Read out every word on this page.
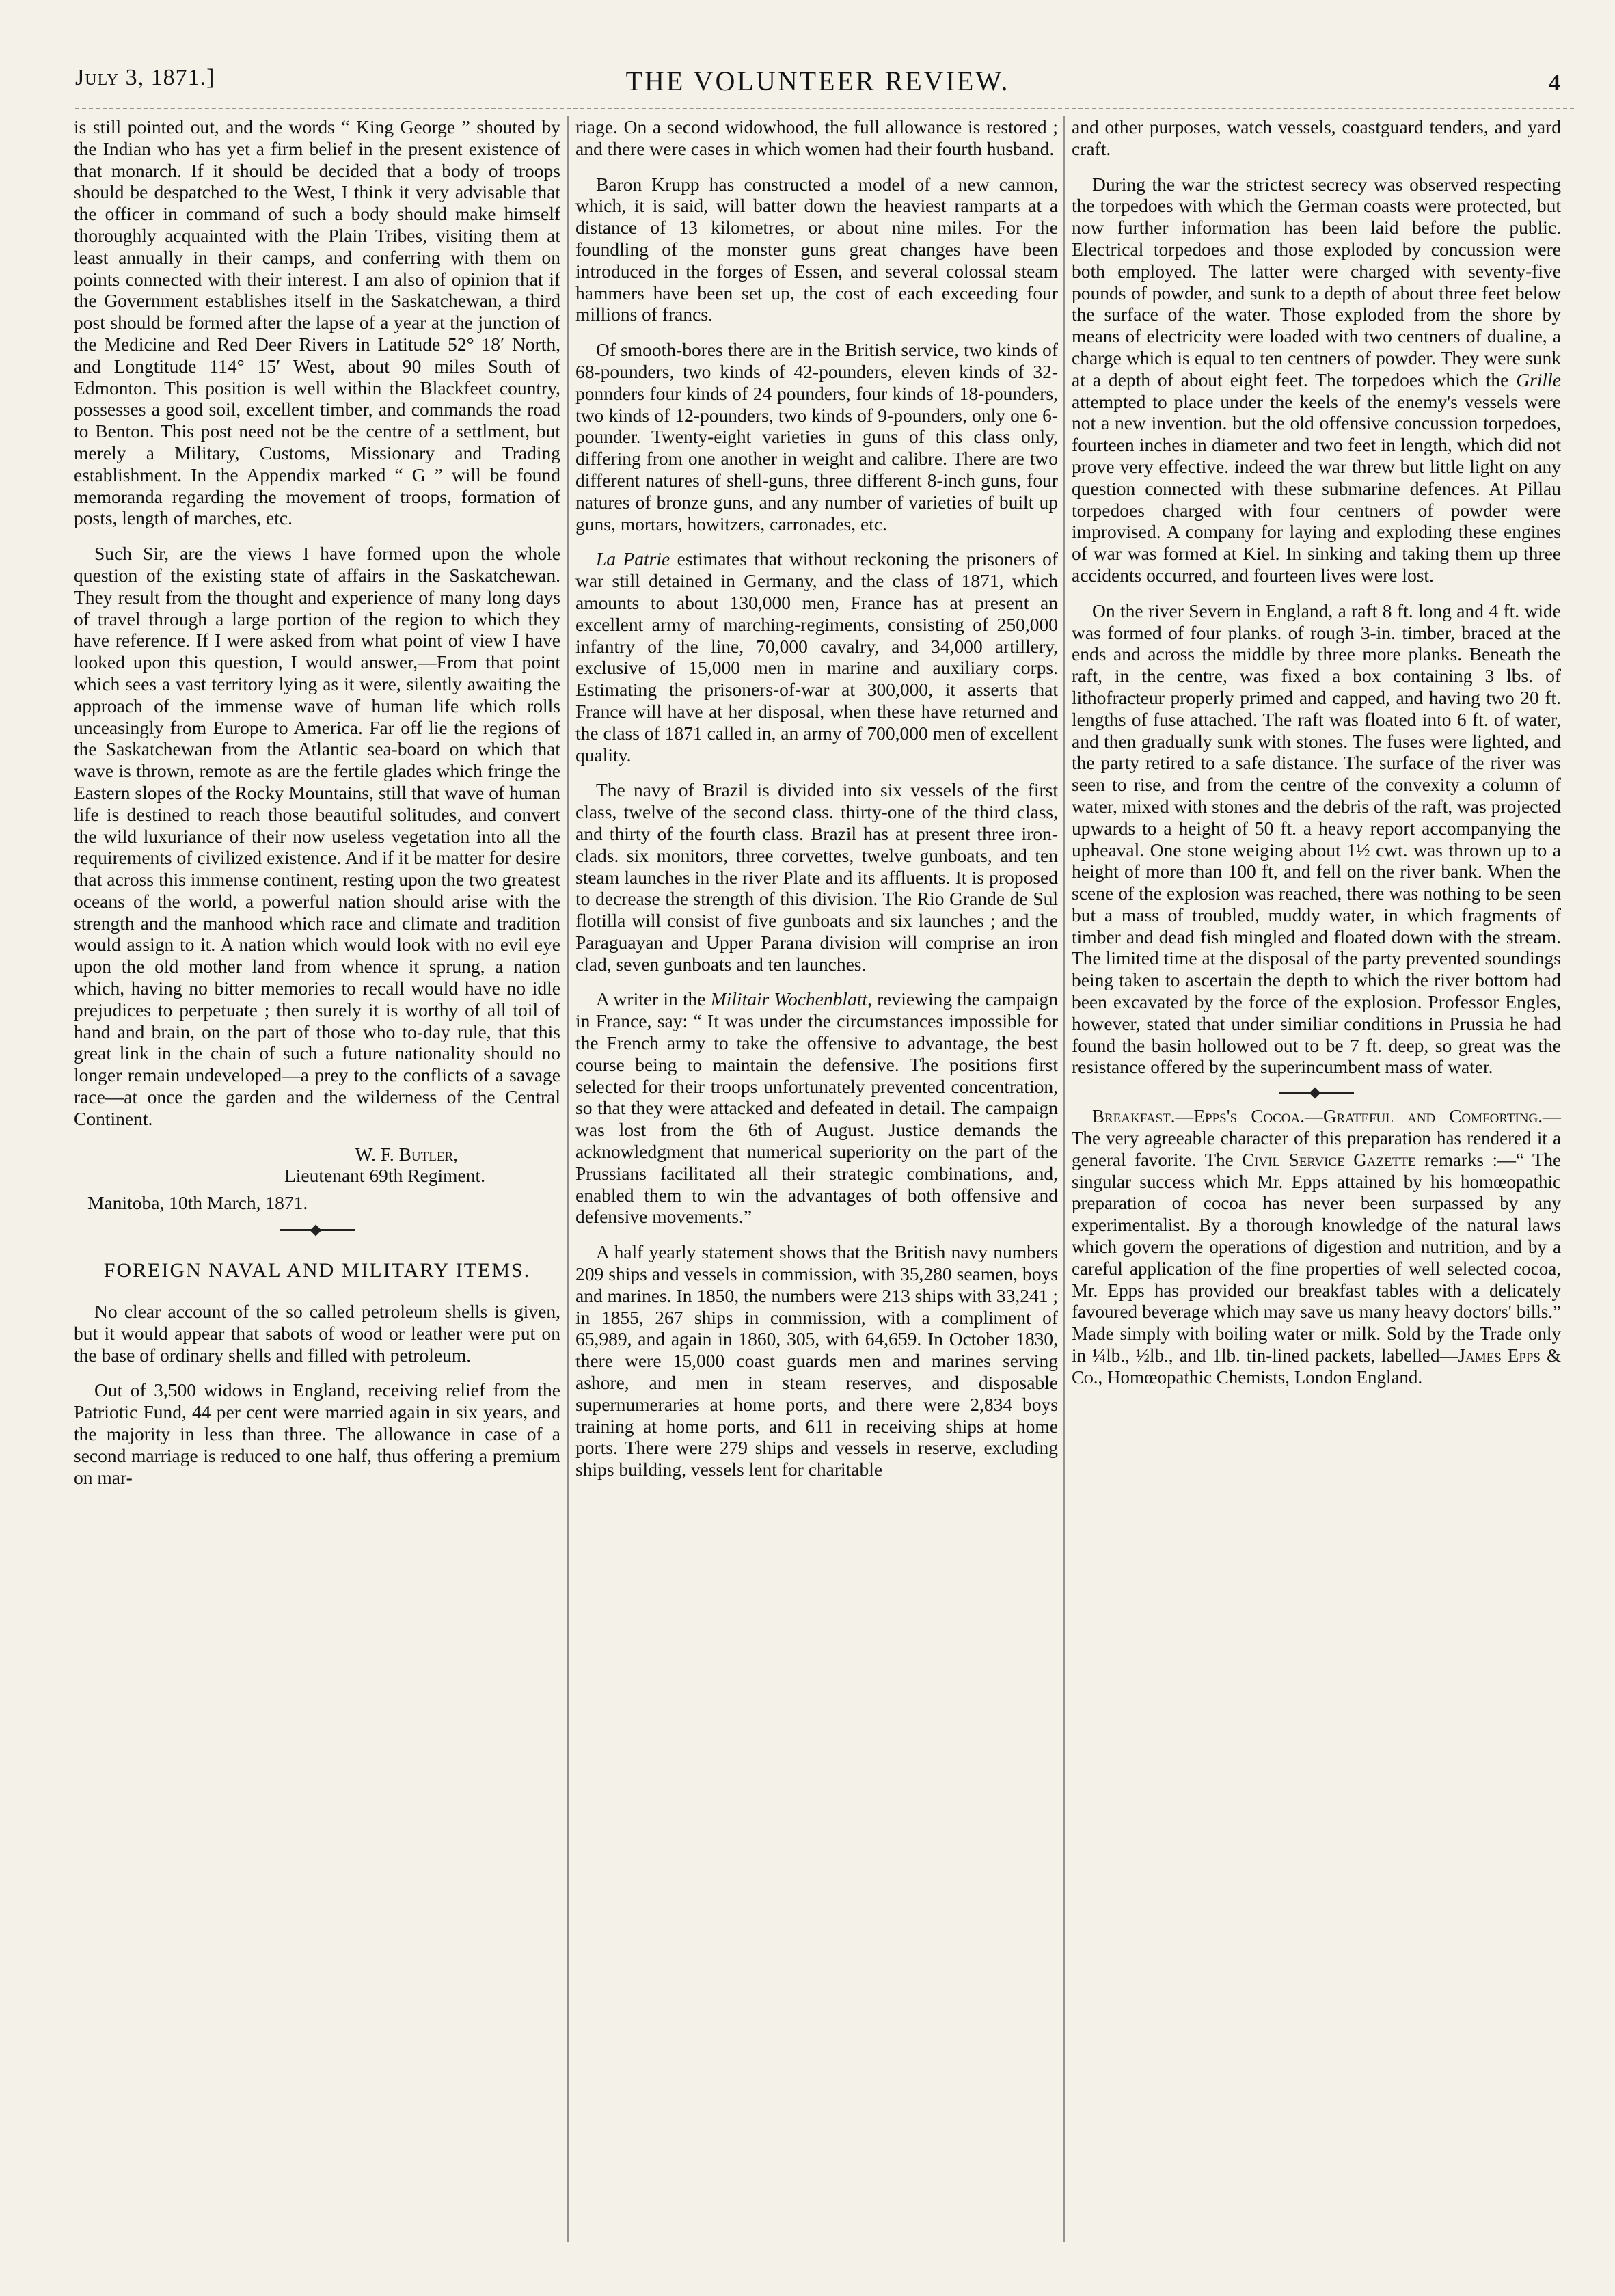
July 3, 1871.]	THE VOLUNTEER REVIEW.	4

is still pointed out, and the words “ King George ” shouted by the Indian who has yet a firm belief in the present existence of that monarch. If it should be decided that a body of troops should be despatched to the West, I think it very advisable that the officer in command of such a body should make himself thoroughly acquainted with the Plain Tribes, visiting them at least annually in their camps, and conferring with them on points connected with their interest. I am also of opinion that if the Government establishes itself in the Saskatchewan, a third post should be formed after the lapse of a year at the junction of the Medicine and Red Deer Rivers in Latitude 52° 18′ North, and Longtitude 114° 15′ West, about 90 miles South of Edmonton. This position is well within the Blackfeet country, possesses a good soil, excellent timber, and commands the road to Benton. This post need not be the centre of a settlment, but merely a Military, Customs, Missionary and Trading establishment. In the Appendix marked “ G ” will be found memoranda regarding the movement of troops, formation of posts, length of marches, etc.

Such Sir, are the views I have formed upon the whole question of the existing state of affairs in the Saskatchewan. They result from the thought and experience of many long days of travel through a large portion of the region to which they have reference. If I were asked from what point of view I have looked upon this question, I would answer,—From that point which sees a vast territory lying as it were, silently awaiting the approach of the immense wave of human life which rolls unceasingly from Europe to America. Far off lie the regions of the Saskatchewan from the Atlantic sea-board on which that wave is thrown, remote as are the fertile glades which fringe the Eastern slopes of the Rocky Mountains, still that wave of human life is destined to reach those beautiful solitudes, and convert the wild luxuriance of their now useless vegetation into all the requirements of civilized existence. And if it be matter for desire that across this immense continent, resting upon the two greatest oceans of the world, a powerful nation should arise with the strength and the manhood which race and climate and tradition would assign to it. A nation which would look with no evil eye upon the old mother land from whence it sprung, a nation which, having no bitter memories to recall would have no idle prejudices to perpetuate ; then surely it is worthy of all toil of hand and brain, on the part of those who to-day rule, that this great link in the chain of such a future nationality should no longer remain undeveloped—a prey to the conflicts of a savage race—at once the garden and the wilderness of the Central Continent.

W. F. Butler,
Lieutenant 69th Regiment.
Manitoba, 10th March, 1871.
FOREIGN NAVAL AND MILITARY ITEMS.

No clear account of the so called petroleum shells is given, but it would appear that sabots of wood or leather were put on the base of ordinary shells and filled with petroleum.

Out of 3,500 widows in England, receiving relief from the Patriotic Fund, 44 per cent were married again in six years, and the majority in less than three. The allowance in case of a second marriage is reduced to one half, thus offering a premium on mar-

riage. On a second widowhood, the full allowance is restored ; and there were cases in which women had their fourth husband.

Baron Krupp has constructed a model of a new cannon, which, it is said, will batter down the heaviest ramparts at a distance of 13 kilometres, or about nine miles. For the foundling of the monster guns great changes have been introduced in the forges of Essen, and several colossal steam hammers have been set up, the cost of each exceeding four millions of francs.

Of smooth-bores there are in the British service, two kinds of 68-pounders, two kinds of 42-pounders, eleven kinds of 32-ponnders four kinds of 24 pounders, four kinds of 18-pounders, two kinds of 12-pounders, two kinds of 9-pounders, only one 6-pounder. Twenty-eight varieties in guns of this class only, differing from one another in weight and calibre. There are two different natures of shell-guns, three different 8-inch guns, four natures of bronze guns, and any number of varieties of built up guns, mortars, howitzers, carronades, etc.

La Patrie estimates that without reckoning the prisoners of war still detained in Germany, and the class of 1871, which amounts to about 130,000 men, France has at present an excellent army of marching-regiments, consisting of 250,000 infantry of the line, 70,000 cavalry, and 34,000 artillery, exclusive of 15,000 men in marine and auxiliary corps. Estimating the prisoners-of-war at 300,000, it asserts that France will have at her disposal, when these have returned and the class of 1871 called in, an army of 700,000 men of excellent quality.

The navy of Brazil is divided into six vessels of the first class, twelve of the second class. thirty-one of the third class, and thirty of the fourth class. Brazil has at present three iron-clads. six monitors, three corvettes, twelve gunboats, and ten steam launches in the river Plate and its affluents. It is proposed to decrease the strength of this division. The Rio Grande de Sul flotilla will consist of five gunboats and six launches ; and the Paraguayan and Upper Parana division will comprise an iron clad, seven gunboats and ten launches.

A writer in the Militair Wochenblatt, reviewing the campaign in France, say: “ It was under the circumstances impossible for the French army to take the offensive to advantage, the best course being to maintain the defensive. The positions first selected for their troops unfortunately prevented concentration, so that they were attacked and defeated in detail. The campaign was lost from the 6th of August. Justice demands the acknowledgment that numerical superiority on the part of the Prussians facilitated all their strategic combinations, and, enabled them to win the advantages of both offensive and defensive movements.”

A half yearly statement shows that the British navy numbers 209 ships and vessels in commission, with 35,280 seamen, boys and marines. In 1850, the numbers were 213 ships with 33,241 ; in 1855, 267 ships in commission, with a compliment of 65,989, and again in 1860, 305, with 64,659. In October 1830, there were 15,000 coast guards men and marines serving ashore, and men in steam reserves, and disposable supernumeraries at home ports, and there were 2,834 boys training at home ports, and 611 in receiving ships at home ports. There were 279 ships and vessels in reserve, excluding ships building, vessels lent for charitable

and other purposes, watch vessels, coastguard tenders, and yard craft.

During the war the strictest secrecy was observed respecting the torpedoes with which the German coasts were protected, but now further information has been laid before the public. Electrical torpedoes and those exploded by concussion were both employed. The latter were charged with seventy-five pounds of powder, and sunk to a depth of about three feet below the surface of the water. Those exploded from the shore by means of electricity were loaded with two centners of dualine, a charge which is equal to ten centners of powder. They were sunk at a depth of about eight feet. The torpedoes which the Grille attempted to place under the keels of the enemy's vessels were not a new invention. but the old offensive concussion torpedoes, fourteen inches in diameter and two feet in length, which did not prove very effective. indeed the war threw but little light on any question connected with these submarine defences. At Pillau torpedoes charged with four centners of powder were improvised. A company for laying and exploding these engines of war was formed at Kiel. In sinking and taking them up three accidents occurred, and fourteen lives were lost.

On the river Severn in England, a raft 8 ft. long and 4 ft. wide was formed of four planks. of rough 3-in. timber, braced at the ends and across the middle by three more planks. Beneath the raft, in the centre, was fixed a box containing 3 lbs. of lithofracteur properly primed and capped, and having two 20 ft. lengths of fuse attached. The raft was floated into 6 ft. of water, and then gradually sunk with stones. The fuses were lighted, and the party retired to a safe distance. The surface of the river was seen to rise, and from the centre of the convexity a column of water, mixed with stones and the debris of the raft, was projected upwards to a height of 50 ft. a heavy report accompanying the upheaval. One stone weiging about 1½ cwt. was thrown up to a height of more than 100 ft, and fell on the river bank. When the scene of the explosion was reached, there was nothing to be seen but a mass of troubled, muddy water, in which fragments of timber and dead fish mingled and floated down with the stream. The limited time at the disposal of the party prevented soundings being taken to ascertain the depth to which the river bottom had been excavated by the force of the explosion. Professor Engles, however, stated that under similiar conditions in Prussia he had found the basin hollowed out to be 7 ft. deep, so great was the resistance offered by the superincumbent mass of water.

Breakfast.—Epps's Cocoa.—Grateful and Comforting.—The very agreeable character of this preparation has rendered it a general favorite. The Civil Service Gazette remarks :—“ The singular success which Mr. Epps attained by his homœopathic preparation of cocoa has never been surpassed by any experimentalist. By a thorough knowledge of the natural laws which govern the operations of digestion and nutrition, and by a careful application of the fine properties of well selected cocoa, Mr. Epps has provided our breakfast tables with a delicately favoured beverage which may save us many heavy doctors' bills.” Made simply with boiling water or milk. Sold by the Trade only in ¼lb., ½lb., and 1lb. tin-lined packets, labelled—James Epps & Co., Homœopathic Chemists, London England.
